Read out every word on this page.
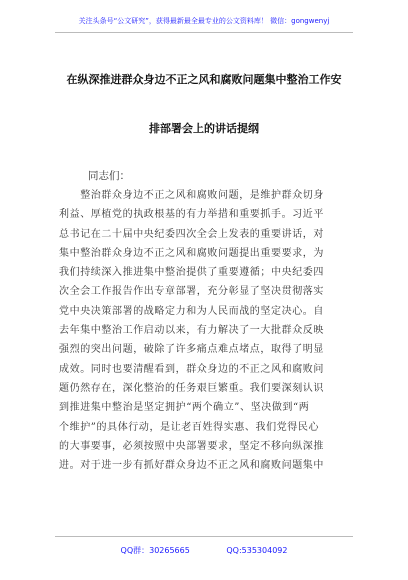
关注头条号“公文研究”，获得最新最全最专业的公文资料库！ 微信：gongwenyj
在纵深推进群众身边不正之风和腐败问题集中整治工作安
排部署会上的讲话提纲
同志们：
　　整治群众身边不正之风和腐败问题，是维护群众切身
利益、厚植党的执政根基的有力举措和重要抓手。习近平
总书记在二十届中央纪委四次全会上发表的重要讲话，对
集中整治群众身边不正之风和腐败问题提出重要要求，为
我们持续深入推进集中整治提供了重要遵循；中央纪委四
次全会工作报告作出专章部署，充分彰显了坚决贯彻落实
党中央决策部署的战略定力和为人民而战的坚定决心。自
去年集中整治工作启动以来，有力解决了一大批群众反映
强烈的突出问题，破除了许多痛点难点堵点，取得了明显
成效。同时也要清醒看到，群众身边的不正之风和腐败问
题仍然存在，深化整治的任务艰巨繁重。我们要深刻认识
到推进集中整治是坚定拥护“两个确立”、坚决做到“两
个维护”的具体行动，是让老百姓得实惠、我们党得民心
的大事要事，必须按照中央部署要求，坚定不移向纵深推
进。对于进一步有抓好群众身边不正之风和腐败问题集中
QQ群：30265665	QQ:535304092
